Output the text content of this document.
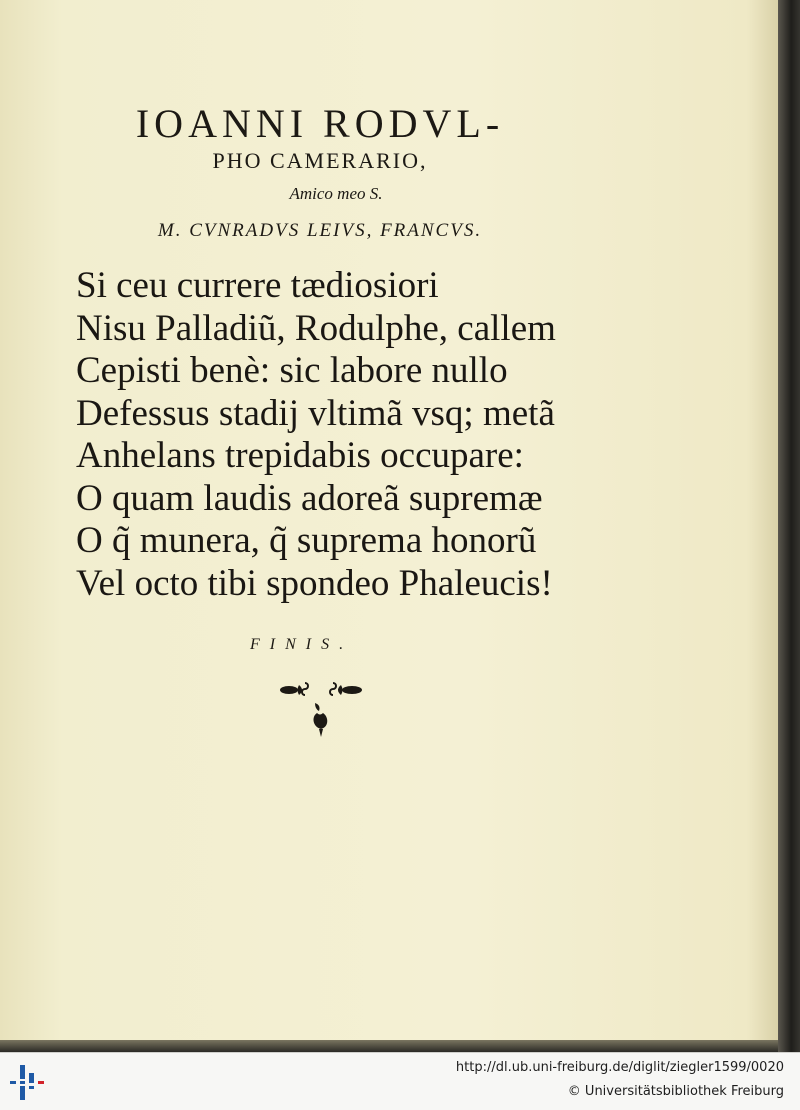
IOANNI RODVL-
PHO CAMERARIO,
Amico meo S.
M. CVNRADVS LEIVS, FRANCVS.
Si ceu currere tædiosiori
Nisu Palladiũ, Rodulphe, callem
Cepisti benè: sic labore nullo
Defessus stadij vltimã vsq; metã
Anhelans trepidabis occupare:
O quam laudis adoreã supremæ
O q̃ munera, q̃ suprema honorũ
Vel octo tibi spondeo Phaleucis!
FINIS.
http://dl.ub.uni-freiburg.de/diglit/ziegler1599/0020
© Universitätsbibliothek Freiburg
